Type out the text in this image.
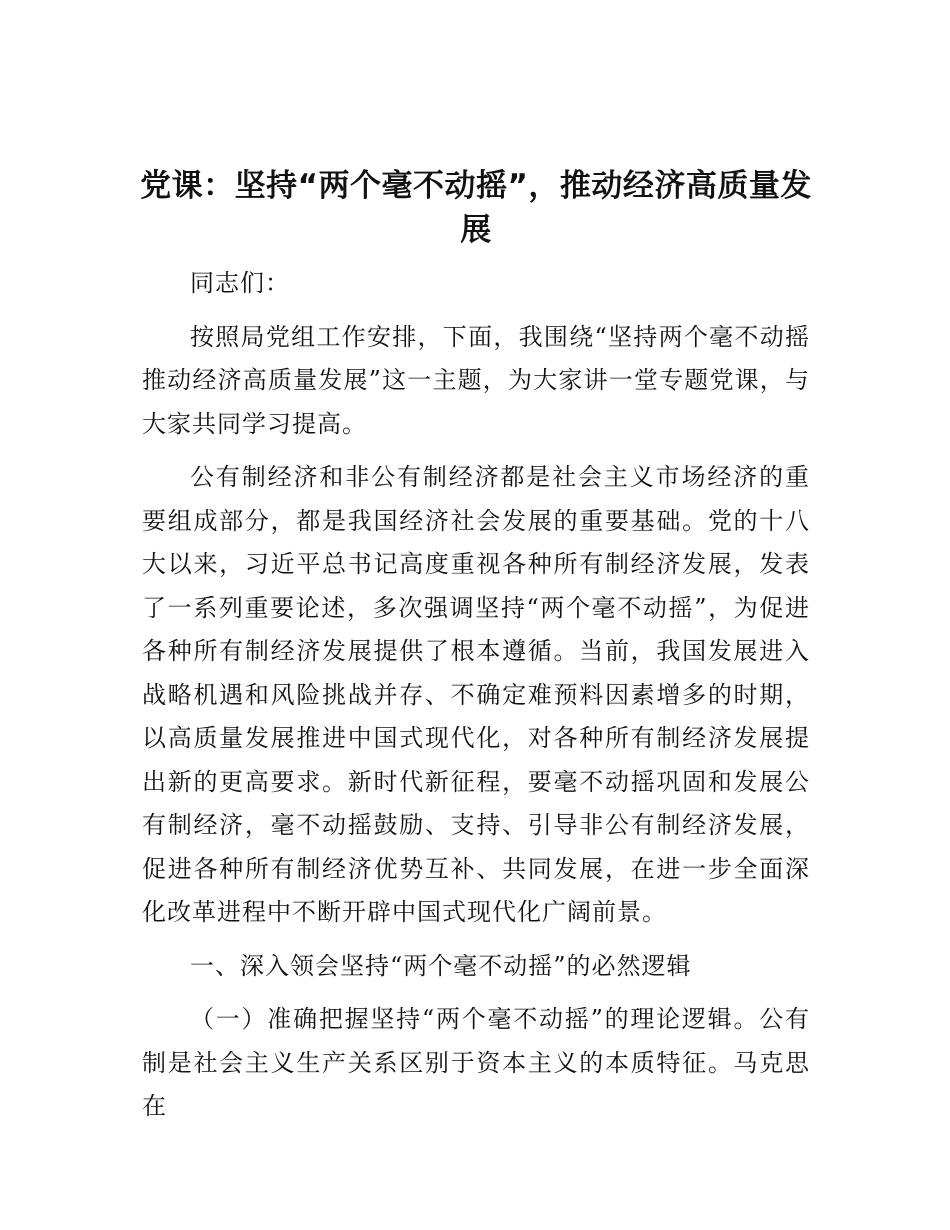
党课：坚持“两个毫不动摇”，推动经济高质量发展

同志们：

按照局党组工作安排，下面，我围绕“坚持两个毫不动摇推动经济高质量发展”这一主题，为大家讲一堂专题党课，与大家共同学习提高。

公有制经济和非公有制经济都是社会主义市场经济的重要组成部分，都是我国经济社会发展的重要基础。党的十八大以来，习近平总书记高度重视各种所有制经济发展，发表了一系列重要论述，多次强调坚持“两个毫不动摇”，为促进各种所有制经济发展提供了根本遵循。当前，我国发展进入战略机遇和风险挑战并存、不确定难预料因素增多的时期，以高质量发展推进中国式现代化，对各种所有制经济发展提出新的更高要求。新时代新征程，要毫不动摇巩固和发展公有制经济，毫不动摇鼓励、支持、引导非公有制经济发展，促进各种所有制经济优势互补、共同发展，在进一步全面深化改革进程中不断开辟中国式现代化广阔前景。

一、深入领会坚持“两个毫不动摇”的必然逻辑

（一）准确把握坚持“两个毫不动摇”的理论逻辑。公有制是社会主义生产关系区别于资本主义的本质特征。马克思在
